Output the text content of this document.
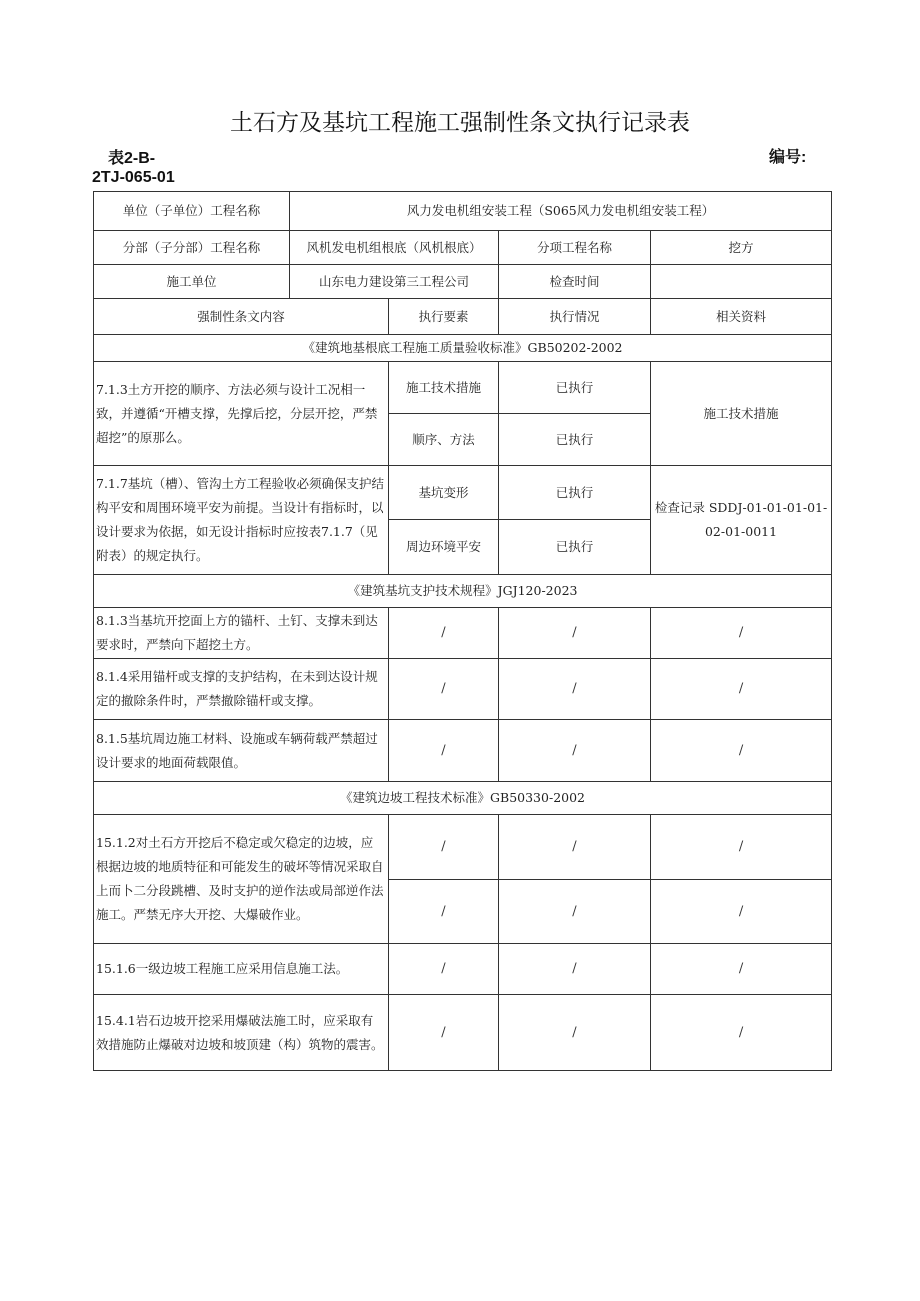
土石方及基坑工程施工强制性条文执行记录表
表2-B-
2TJ-065-01
编号:
单位（子单位）工程名称	风力发电机组安装工程（S065风力发电机组安装工程）			
分部（子分部）工程名称	风机发电机组根底（风机根底）		分项工程名称	挖方
施工单位	山东电力建设第三工程公司		检查时间	
强制性条文内容		执行要素	执行情况	相关资料
《建筑地基根底工程施工质量验收标准》GB50202-2002				
7.1.3土方开挖的顺序、方法必须与设计工况相一致，并遵循“开槽支撑，先撑后挖，分层开挖，严禁超挖”的原那么。		施工技术措施	已执行	施工技术措施
		顺序、方法	已执行	
7.1.7基坑（槽）、管沟土方工程验收必须确保支护结构平安和周围环境平安为前提。当设计有指标时，以设计要求为依据，如无设计指标时应按表7.1.7（见附表）的规定执行。		基坑变形	已执行	检查记录 SDDJ-01-01-01-01-02-01-0011
		周边环境平安	已执行	
《建筑基坑支护技术规程》JGJ120-2023				
8.1.3当基坑开挖面上方的锚杆、土钉、支撑未到达要求时，严禁向下超挖土方。		/	/	/
8.1.4采用锚杆或支撑的支护结构，在未到达设计规定的撤除条件时，严禁撤除锚杆或支撑。		/	/	/
8.1.5基坑周边施工材料、设施或车辆荷载严禁超过设计要求的地面荷载限值。		/	/	/
《建筑边坡工程技术标准》GB50330-2002				
15.1.2对土石方开挖后不稳定或欠稳定的边坡，应根据边坡的地质特征和可能发生的破坏等情况采取自上而卜二分段跳槽、及时支护的逆作法或局部逆作法施工。严禁无序大开挖、大爆破作业。		/	/	/
		/	/	/
15.1.6一级边坡工程施工应采用信息施工法。		/	/	/
15.4.1岩石边坡开挖采用爆破法施工时，应采取有效措施防止爆破对边坡和坡顶建（构）筑物的震害。		/	/	/
